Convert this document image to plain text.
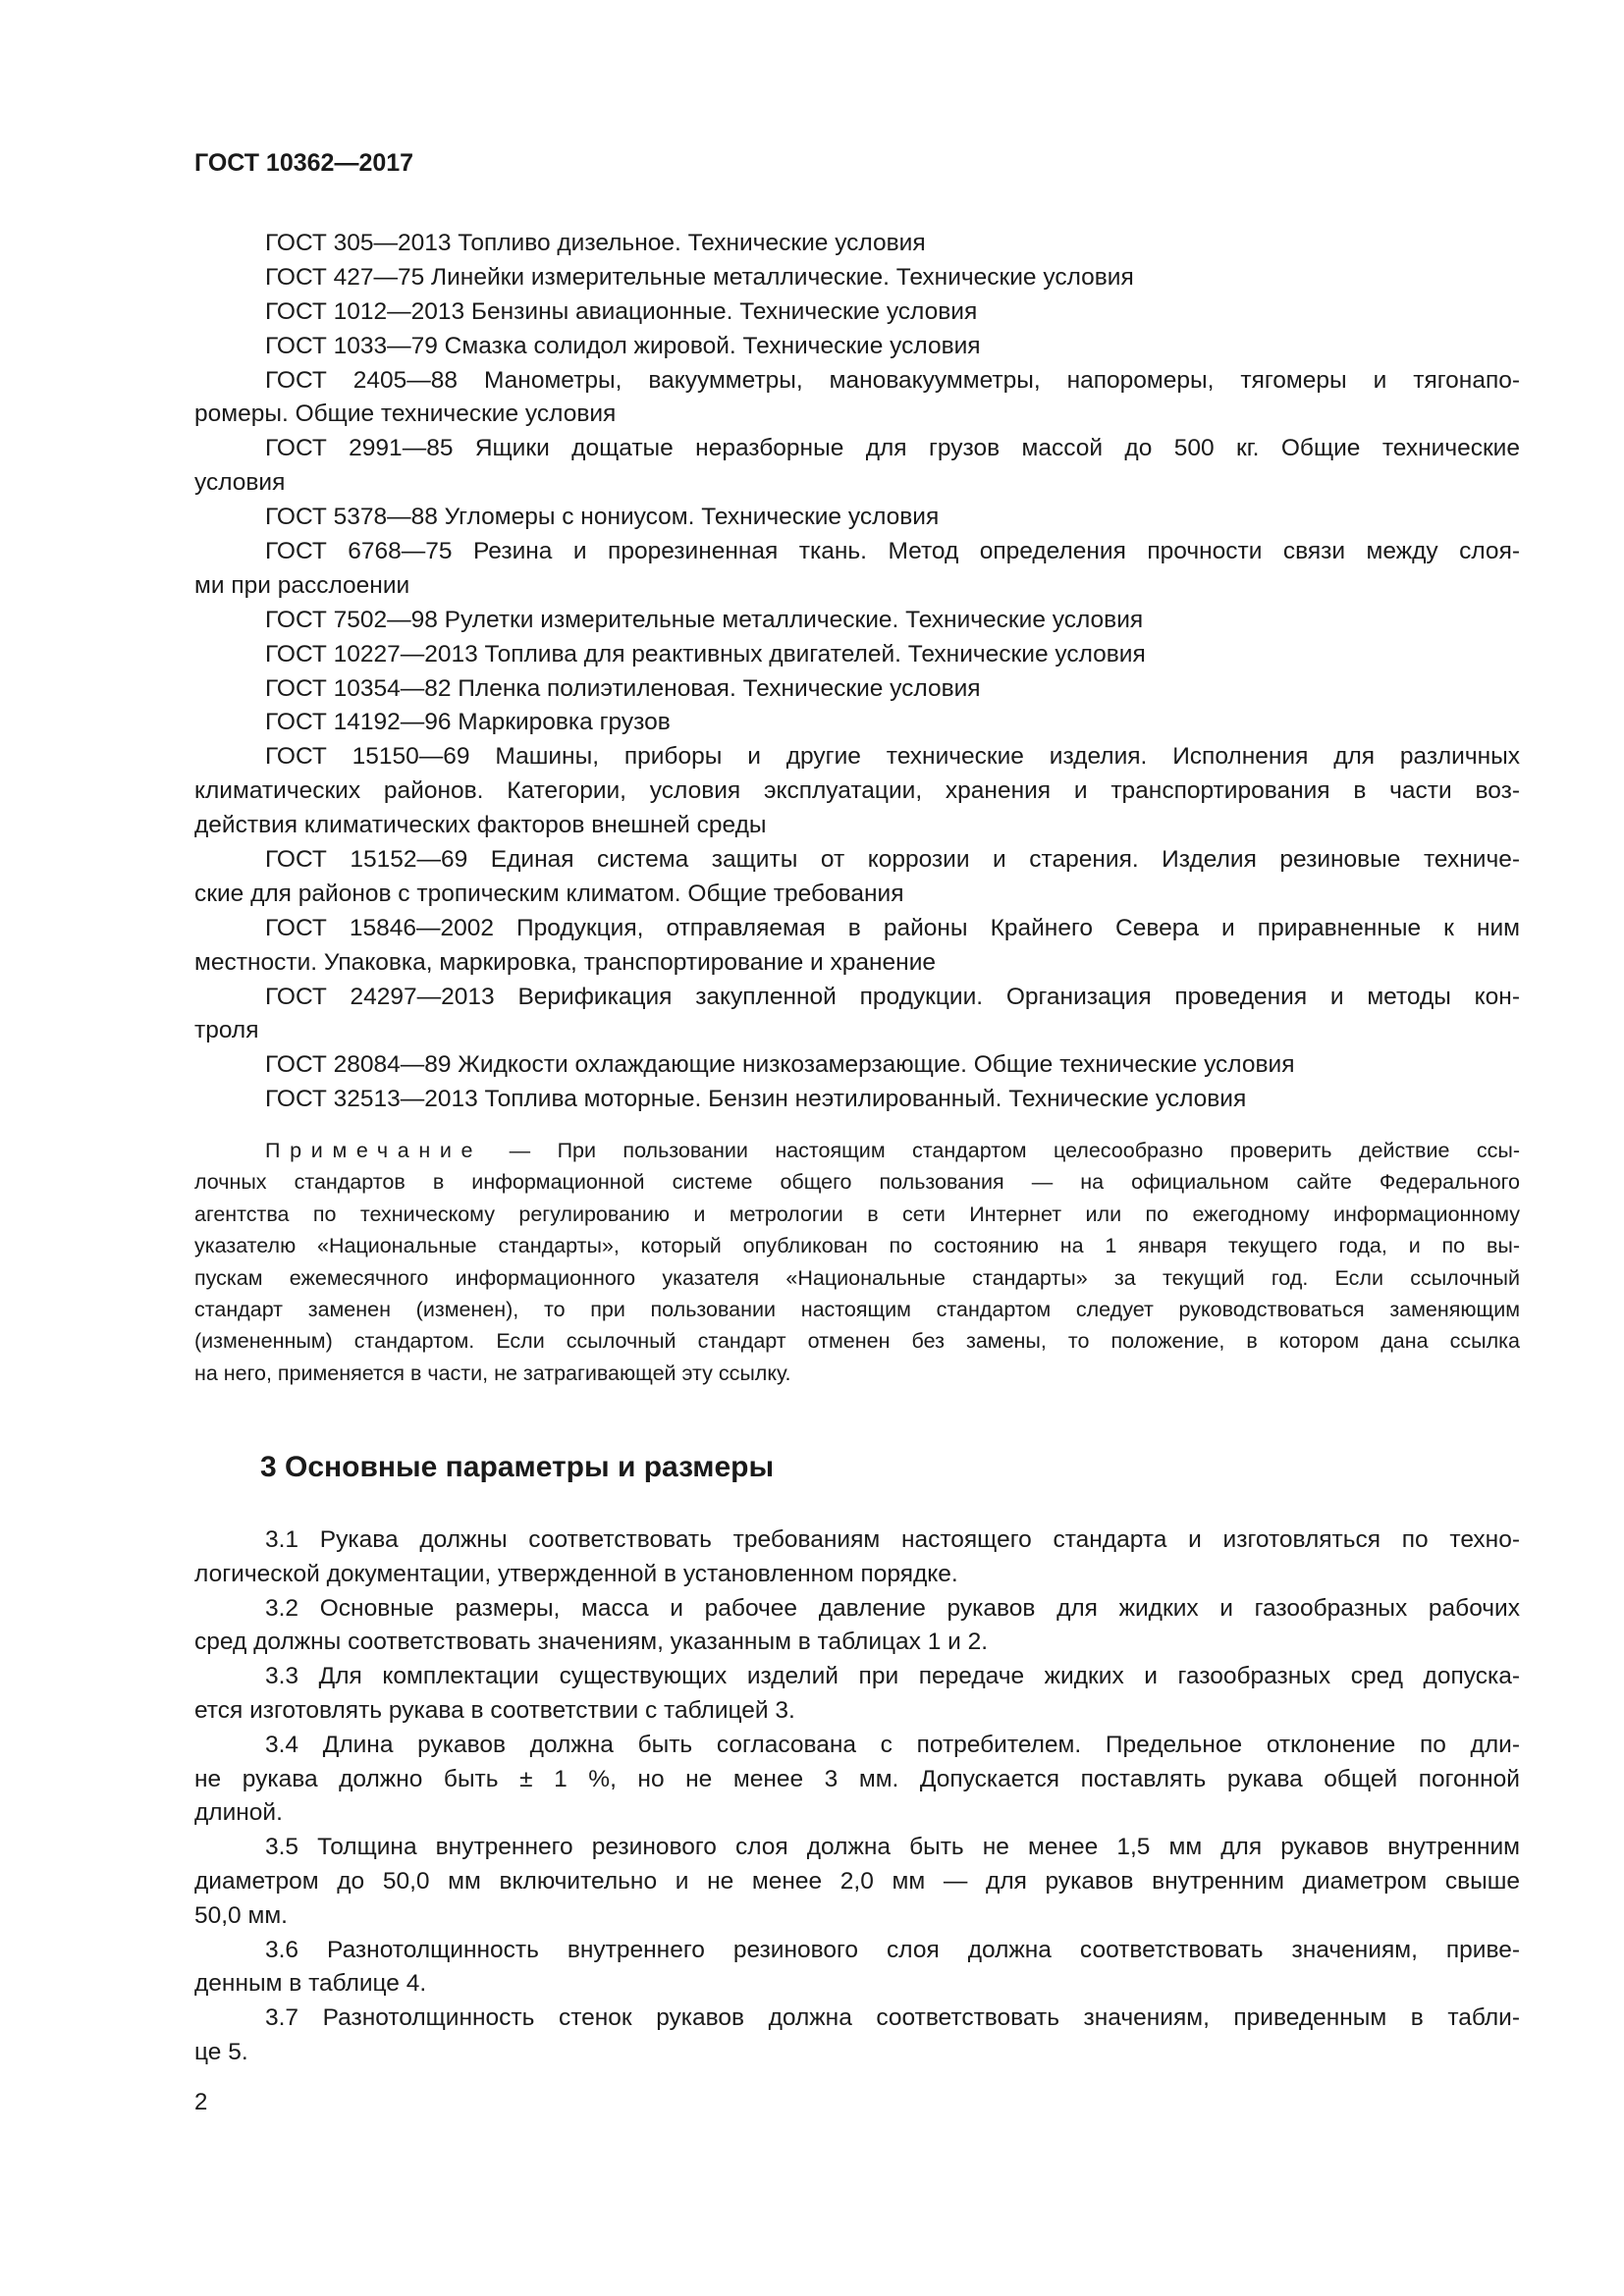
ГОСТ 10362—2017
ГОСТ 305—2013 Топливо дизельное. Технические условия
ГОСТ 427—75 Линейки измерительные металлические. Технические условия
ГОСТ 1012—2013 Бензины авиационные. Технические условия
ГОСТ 1033—79 Смазка солидол жировой. Технические условия
ГОСТ 2405—88 Манометры, вакуумметры, мановакуумметры, напоромеры, тягомеры и тягонапо-
ромеры. Общие технические условия
ГОСТ 2991—85 Ящики дощатые неразборные для грузов массой до 500 кг. Общие технические
условия
ГОСТ 5378—88 Угломеры с нониусом. Технические условия
ГОСТ 6768—75 Резина и прорезиненная ткань. Метод определения прочности связи между слоя-
ми при расслоении
ГОСТ 7502—98 Рулетки измерительные металлические. Технические условия
ГОСТ 10227—2013 Топлива для реактивных двигателей. Технические условия
ГОСТ 10354—82 Пленка полиэтиленовая. Технические условия
ГОСТ 14192—96 Маркировка грузов
ГОСТ 15150—69 Машины, приборы и другие технические изделия. Исполнения для различных
климатических районов. Категории, условия эксплуатации, хранения и транспортирования в части воз-
действия климатических факторов внешней среды
ГОСТ 15152—69 Единая система защиты от коррозии и старения. Изделия резиновые техниче-
ские для районов с тропическим климатом. Общие требования
ГОСТ 15846—2002 Продукция, отправляемая в районы Крайнего Севера и приравненные к ним
местности. Упаковка, маркировка, транспортирование и хранение
ГОСТ 24297—2013 Верификация закупленной продукции. Организация проведения и методы кон-
троля
ГОСТ 28084—89 Жидкости охлаждающие низкозамерзающие. Общие технические условия
ГОСТ 32513—2013 Топлива моторные. Бензин неэтилированный. Технические условия
Примечание — При пользовании настоящим стандартом целесообразно проверить действие ссы-
лочных стандартов в информационной системе общего пользования — на официальном сайте Федерального
агентства по техническому регулированию и метрологии в сети Интернет или по ежегодному информационному
указателю «Национальные стандарты», который опубликован по состоянию на 1 января текущего года, и по вы-
пускам ежемесячного информационного указателя «Национальные стандарты» за текущий год. Если ссылочный
стандарт заменен (изменен), то при пользовании настоящим стандартом следует руководствоваться заменяющим
(измененным) стандартом. Если ссылочный стандарт отменен без замены, то положение, в котором дана ссылка
на него, применяется в части, не затрагивающей эту ссылку.
3 Основные параметры и размеры
3.1 Рукава должны соответствовать требованиям настоящего стандарта и изготовляться по техно-
логической документации, утвержденной в установленном порядке.
3.2 Основные размеры, масса и рабочее давление рукавов для жидких и газообразных рабочих
сред должны соответствовать значениям, указанным в таблицах 1 и 2.
3.3 Для комплектации существующих изделий при передаче жидких и газообразных сред допуска-
ется изготовлять рукава в соответствии с таблицей 3.
3.4 Длина рукавов должна быть согласована с потребителем. Предельное отклонение по дли-
не рукава должно быть ± 1 %, но не менее 3 мм. Допускается поставлять рукава общей погонной
длиной.
3.5 Толщина внутреннего резинового слоя должна быть не менее 1,5 мм для рукавов внутренним
диаметром до 50,0 мм включительно и не менее 2,0 мм — для рукавов внутренним диаметром свыше
50,0 мм.
3.6 Разнотолщинность внутреннего резинового слоя должна соответствовать значениям, приве-
денным в таблице 4.
3.7 Разнотолщинность стенок рукавов должна соответствовать значениям, приведенным в табли-
це 5.
2
